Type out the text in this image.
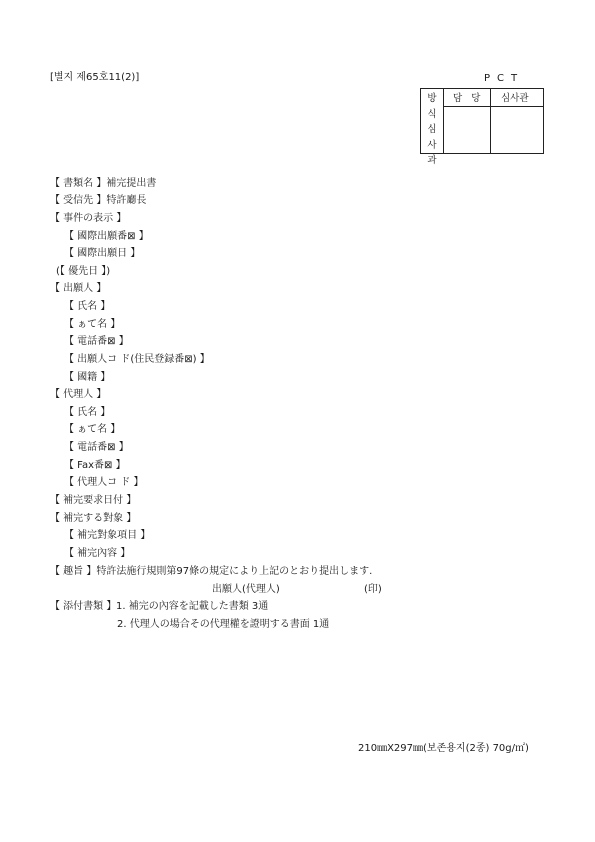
[별지 제65호11(2)]	PCT
방
식
심
사
과
담 당 심사관
【 書類名 】補完提出書
【 受信先 】特許廳長
【 事件の表示 】
【 國際出願番⊠ 】
【 國際出願日 】
(【 優先日 】)
【 出願人 】
【 氏名 】
【 ぁて名 】
【 電話番⊠ 】
【 出願人コ ド(住民登録番⊠) 】
【 國籍 】
【 代理人 】
【 氏名 】
【 ぁて名 】
【 電話番⊠ 】
【 Fax番⊠ 】
【 代理人コ ド 】
【 補完要求日付 】
【 補完する對象 】
【 補完對象項目 】
【 補完內容 】
【 趣旨 】特許法施行規則第97條の規定により上記のとおり提出します.
出願人(代理人)	(印)
【 添付書類 】 1. 補完の內容を記載した書類 3通
2. 代理人の場合その代理權を證明する書面 1通
210㎜X297㎜(보존용지(2종) 70g/㎡)
